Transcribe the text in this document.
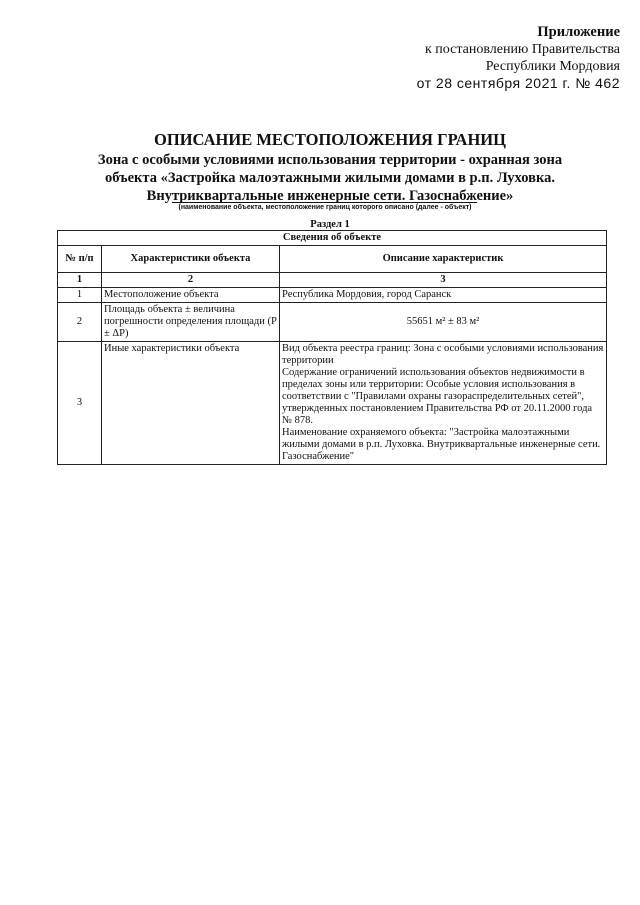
Приложение
к постановлению Правительства
Республики Мордовия
от 28 сентября 2021 г. № 462
ОПИСАНИЕ МЕСТОПОЛОЖЕНИЯ ГРАНИЦ
Зона с особыми условиями использования территории - охранная зона
объекта «Застройка малоэтажными жилыми домами в р.п. Луховка.
Внутриквартальные инженерные сети. Газоснабжение»
(наименование объекта, местоположение границ которого описано (далее - объект)
Раздел 1
Сведения об объекте		
№ п/п	Характеристики объекта	Описание характеристик
1	2	3
1	Местоположение объекта	Республика Мордовия, город Саранск
2	Площадь объекта ± величина погрешности определения площади (Р ± ΔР)	55651 м² ± 83 м²
3	Иные характеристики объекта	Вид объекта реестра границ: Зона с особыми условиями использования территории
Содержание ограничений использования объектов недвижимости в пределах зоны или территории: Особые условия использования в соответствии с "Правилами охраны газораспределительных сетей", утвержденных постановлением Правительства РФ от 20.11.2000 года № 878.
Наименование охраняемого объекта: "Застройка малоэтажными жилыми домами в р.п. Луховка. Внутриквартальные инженерные сети. Газоснабжение"
